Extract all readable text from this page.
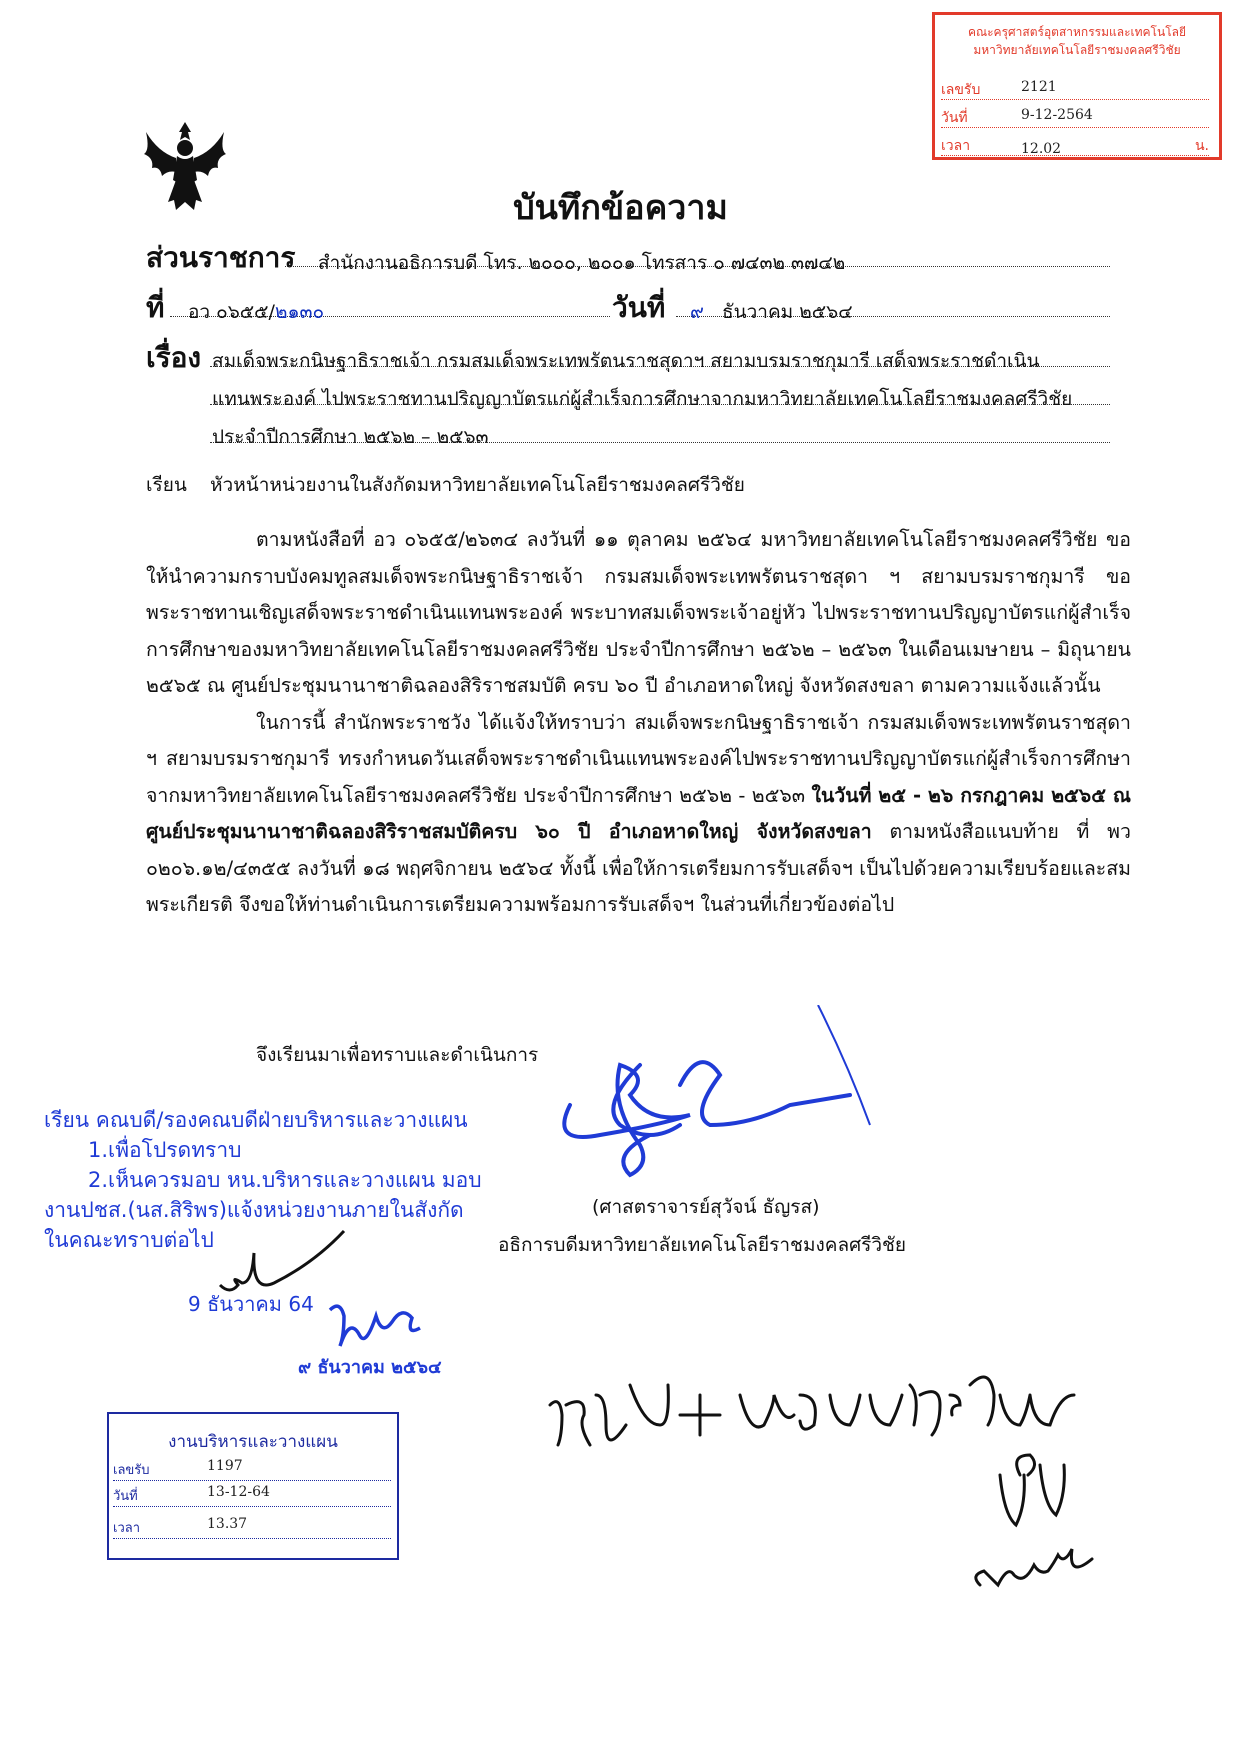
คณะครุศาสตร์อุตสาหกรรมและเทคโนโลยี
มหาวิทยาลัยเทคโนโลยีราชมงคลศรีวิชัย
เลขรับ	2121
วันที่	9-12-2564
เวลา	12.02	น.
บันทึกข้อความ
ส่วนราชการ สำนักงานอธิการบดี โทร. ๒๐๐๐, ๒๐๐๑ โทรสาร ๐ ๗๔๓๒ ๓๗๔๒
ที่ อว ๐๖๕๕/๒๑๓๐	วันที่ ๙ ธันวาคม ๒๕๖๔
เรื่อง สมเด็จพระกนิษฐาธิราชเจ้า กรมสมเด็จพระเทพรัตนราชสุดาฯ สยามบรมราชกุมารี เสด็จพระราชดำเนิน
แทนพระองค์ ไปพระราชทานปริญญาบัตรแก่ผู้สำเร็จการศึกษาจากมหาวิทยาลัยเทคโนโลยีราชมงคลศรีวิชัย
ประจำปีการศึกษา ๒๕๖๒ – ๒๕๖๓
เรียน หัวหน้าหน่วยงานในสังกัดมหาวิทยาลัยเทคโนโลยีราชมงคลศรีวิชัย

ตามหนังสือที่ อว ๐๖๕๕/๒๖๓๔ ลงวันที่ ๑๑ ตุลาคม ๒๕๖๔ มหาวิทยาลัยเทคโนโลยีราชมงคลศรีวิชัย ขอให้นำความกราบบังคมทูลสมเด็จพระกนิษฐาธิราชเจ้า กรมสมเด็จพระเทพรัตนราชสุดา ฯ สยามบรมราชกุมารี ขอพระราชทานเชิญเสด็จพระราชดำเนินแทนพระองค์ พระบาทสมเด็จพระเจ้าอยู่หัว ไปพระราชทานปริญญาบัตรแก่ผู้สำเร็จการศึกษาของมหาวิทยาลัยเทคโนโลยีราชมงคลศรีวิชัย ประจำปีการศึกษา ๒๕๖๒ – ๒๕๖๓ ในเดือนเมษายน – มิถุนายน ๒๕๖๕ ณ ศูนย์ประชุมนานาชาติฉลองสิริราชสมบัติ ครบ ๖๐ ปี อำเภอหาดใหญ่ จังหวัดสงขลา ตามความแจ้งแล้วนั้น

ในการนี้ สำนักพระราชวัง ได้แจ้งให้ทราบว่า สมเด็จพระกนิษฐาธิราชเจ้า กรมสมเด็จพระเทพรัตนราชสุดา ฯ สยามบรมราชกุมารี ทรงกำหนดวันเสด็จพระราชดำเนินแทนพระองค์ไปพระราชทานปริญญาบัตรแก่ผู้สำเร็จการศึกษาจากมหาวิทยาลัยเทคโนโลยีราชมงคลศรีวิชัย ประจำปีการศึกษา ๒๕๖๒ - ๒๕๖๓ ในวันที่ ๒๕ - ๒๖ กรกฎาคม ๒๕๖๕ ณ ศูนย์ประชุมนานาชาติฉลองสิริราชสมบัติครบ ๖๐ ปี อำเภอหาดใหญ่ จังหวัดสงขลา ตามหนังสือแนบท้าย ที่ พว ๐๒๐๖.๑๒/๔๓๕๕ ลงวันที่ ๑๘ พฤศจิกายน ๒๕๖๔ ทั้งนี้ เพื่อให้การเตรียมการรับเสด็จฯ เป็นไปด้วยความเรียบร้อยและสมพระเกียรติ จึงขอให้ท่านดำเนินการเตรียมความพร้อมการรับเสด็จฯ ในส่วนที่เกี่ยวข้องต่อไป

จึงเรียนมาเพื่อทราบและดำเนินการ
(ศาสตราจารย์สุวัจน์ ธัญรส)
อธิการบดีมหาวิทยาลัยเทคโนโลยีราชมงคลศรีวิชัย
เรียน คณบดี/รองคณบดีฝ่ายบริหารและวางแผน
1.เพื่อโปรดทราบ
2.เห็นควรมอบ หน.บริหารและวางแผน มอบ
งานปชส.(นส.สิริพร)แจ้งหน่วยงานภายในสังกัด
ในคณะทราบต่อไป
9 ธันวาคม 64
๙ ธันวาคม ๒๕๖๔
งานบริหารและวางแผน
เลขรับ	1197
วันที่	13-12-64
เวลา	13.37
